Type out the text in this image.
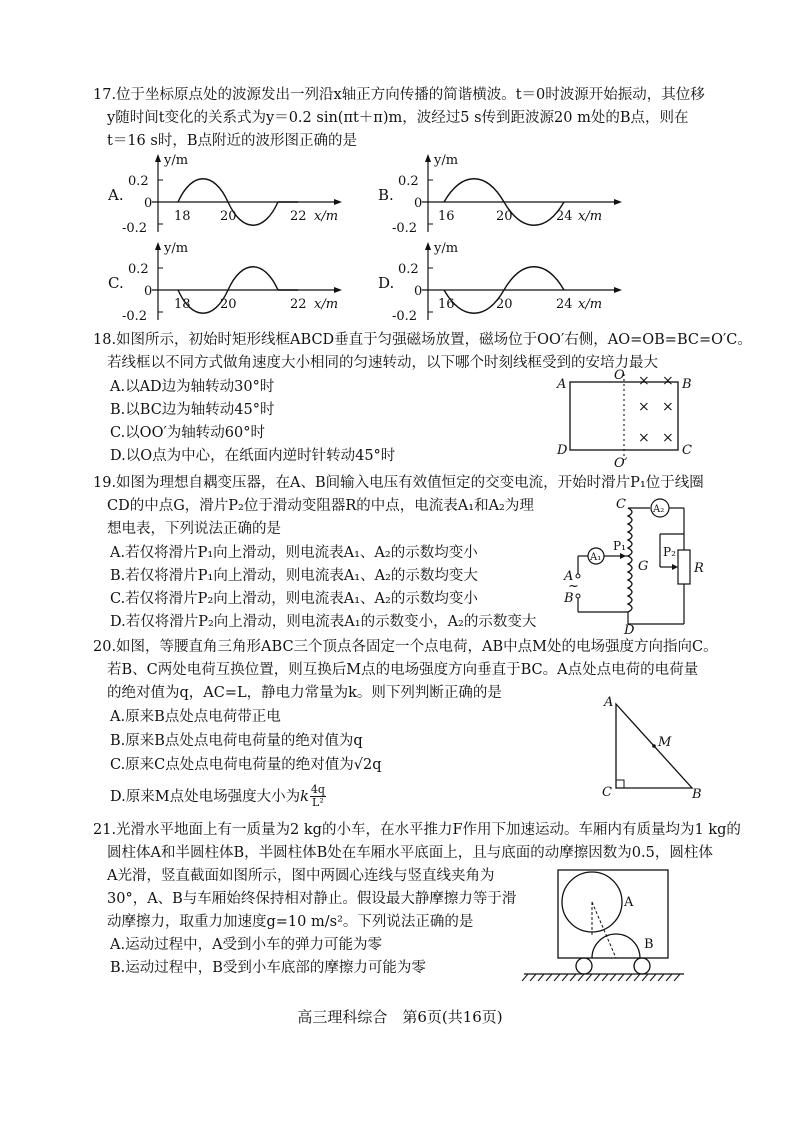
17.位于坐标原点处的波源发出一列沿x轴正方向传播的简谐横波。t＝0时波源开始振动，其位移
y随时间t变化的关系式为y＝0.2 sin(πt＋π)m，波经过5 s传到距波源20 m处的B点，则在
t＝16 s时，B点附近的波形图正确的是
A.
y/m
0.2
0
-0.2
18 20	22 x/m
B.
y/m
0.2
0
-0.2
16	20	24 x/m
C.
y/m
0.2
0
-0.2
18 20	22 x/m
D.
y/m
0.2
0
-0.2
16	20	24 x/m
18.如图所示，初始时矩形线框ABCD垂直于匀强磁场放置，磁场位于OO′右侧，AO=OB=BC=O′C。
若线框以不同方式做角速度大小相同的匀速转动，以下哪个时刻线框受到的安培力最大
A.以AD边为轴转动30°时
B.以BC边为轴转动45°时
C.以OO′为轴转动60°时
D.以O点为中心，在纸面内逆时针转动45°时
A	B
C
D
O
O′
× ×
× ×
× ×
19.如图为理想自耦变压器，在A、B间输入电压有效值恒定的交变电流，开始时滑片P₁位于线圈
CD的中点G，滑片P₂位于滑动变阻器R的中点，电流表A₁和A₂为理
想电表，下列说法正确的是
A.若仅将滑片P₁向上滑动，则电流表A₁、A₂的示数均变小
B.若仅将滑片P₁向上滑动，则电流表A₁、A₂的示数均变大
C.若仅将滑片P₂向上滑动，则电流表A₁、A₂的示数均变小
D.若仅将滑片P₂向上滑动，则电流表A₁的示数变小，A₂的示数变大
C
D
G
A₂
R
P₂
P₁
A₁
A
~
B
20.如图，等腰直角三角形ABC三个顶点各固定一个点电荷，AB中点M处的电场强度方向指向C。
若B、C两处电荷互换位置，则互换后M点的电场强度方向垂直于BC。A点处点电荷的电荷量
的绝对值为q，AC=L，静电力常量为k。则下列判断正确的是
A.原来B点处点电荷带正电
B.原来B点处点电荷电荷量的绝对值为q
C.原来C点处点电荷电荷量的绝对值为√2q
D.原来M点处电场强度大小为 k 4q
L²
A
C	B
M
21.光滑水平地面上有一质量为2 kg的小车，在水平推力F作用下加速运动。车厢内有质量均为1 kg的
圆柱体A和半圆柱体B，半圆柱体B处在车厢水平底面上，且与底面的动摩擦因数为0.5，圆柱体
A光滑，竖直截面如图所示，图中两圆心连线与竖直线夹角为
30°，A、B与车厢始终保持相对静止。假设最大静摩擦力等于滑
动摩擦力，取重力加速度g=10 m/s²。下列说法正确的是
A.运动过程中，A受到小车的弹力可能为零
B.运动过程中，B受到小车底部的摩擦力可能为零
A
B
高三理科综合　第6页(共16页)
